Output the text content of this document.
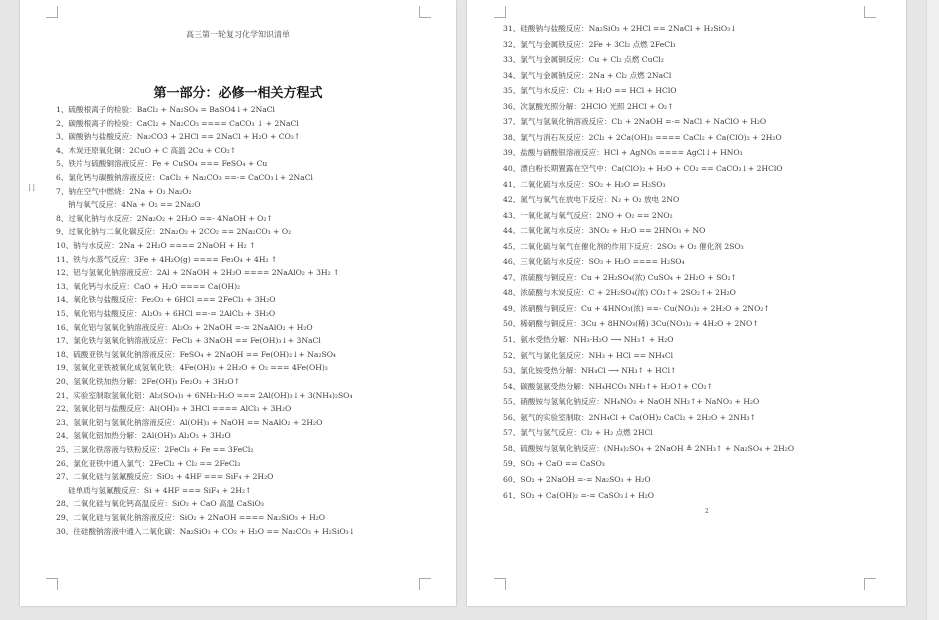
高三第一轮复习化学知识清单
第一部分：必修一相关方程式
1、硫酸根离子的检验：BaCl₂ + Na₂SO₄ = BaSO4↓+ 2NaCl
2、碳酸根离子的检验：CaCl₂ + Na₂CO₃ ==== CaCO₃ ↓ + 2NaCl
3、碳酸钠与盐酸反应：Na₂CO3 + 2HCl == 2NaCl + H₂O + CO₂↑
4、木炭还原氧化铜：2CuO + C 高温 2Cu + CO₂↑
5、铁片与硫酸铜溶液反应：Fe + CuSO₄ === FeSO₄ + Cu
6、氯化钙与碳酸钠溶液反应：CaCl₂ + Na₂CO₃ ==-= CaCO₃↓+ 2NaCl
7、钠在空气中燃烧：2Na + O₂ Na₂O₂
钠与氧气反应：4Na + O₂ == 2Na₂O
8、过氧化钠与水反应：2Na₂O₂ + 2H₂O ==- 4NaOH + O₂↑
9、过氧化钠与二氧化碳反应：2Na₂O₂ + 2CO₂ == 2Na₂CO₃ + O₂
10、钠与水反应：2Na + 2H₂O ==== 2NaOH + H₂ ↑
11、铁与水蒸气反应：3Fe + 4H₂O(g) ==== Fe₃O₄ + 4H₂ ↑
12、铝与氢氧化钠溶液反应：2Al + 2NaOH + 2H₂O ==== 2NaAlO₂ + 3H₂ ↑
13、氧化钙与水反应：CaO + H₂O ==== Ca(OH)₂
14、氧化铁与盐酸反应：Fe₂O₃ + 6HCl === 2FeCl₃ + 3H₂O
15、氧化铝与盐酸反应：Al₂O₃ + 6HCl ==-= 2AlCl₃ + 3H₂O
16、氧化铝与氢氧化钠溶液反应：Al₂O₃ + 2NaOH =-= 2NaAlO₂ + H₂O
17、氯化铁与氢氧化钠溶液反应：FeCl₃ + 3NaOH == Fe(OH)₃↓+ 3NaCl
18、硫酸亚铁与氢氧化钠溶液反应：FeSO₄ + 2NaOH == Fe(OH)₂↓+ Na₂SO₄
19、氢氧化亚铁被氧化成氢氧化铁：4Fe(OH)₂ + 2H₂O + O₂ === 4Fe(OH)₃
20、氢氧化铁加热分解：2Fe(OH)₃ Fe₂O₃ + 3H₂O↑
21、实验室制取氢氧化铝：Al₂(SO₄)₃ + 6NH₃·H₂O === 2Al(OH)₃↓+ 3(NH₄)₂SO₄
22、氢氧化铝与盐酸反应：Al(OH)₃ + 3HCl ==== AlCl₃ + 3H₂O
23、氢氧化铝与氢氧化钠溶液反应：Al(OH)₃ + NaOH == NaAlO₂ + 2H₂O
24、氢氧化铝加热分解：2Al(OH)₃ Al₂O₃ + 3H₂O
25、三氯化铁溶液与铁粉反应：2FeCl₃ + Fe == 3FeCl₂
26、氯化亚铁中通入氯气：2FeCl₂ + Cl₂ == 2FeCl₃
27、二氧化硅与氢氟酸反应：SiO₂ + 4HF === SiF₄ + 2H₂O
硅单质与氢氟酸反应：Si + 4HF === SiF₄ + 2H₂↑
28、二氧化硅与氧化钙高温反应：SiO₂ + CaO 高温 CaSiO₃
29、二氧化硅与氢氧化钠溶液反应：SiO₂ + 2NaOH ==== Na₂SiO₃ + H₂O
30、往硅酸钠溶液中通入二氧化碳：Na₂SiO₃ + CO₂ + H₂O == Na₂CO₃ + H₂SiO₃↓
⁞⁞
31、硅酸钠与盐酸反应：Na₂SiO₃ + 2HCl == 2NaCl + H₂SiO₃↓
32、氯气与金属铁反应：2Fe + 3Cl₂ 点燃 2FeCl₃
33、氯气与金属铜反应：Cu + Cl₂ 点燃 CuCl₂
34、氯气与金属钠反应：2Na + Cl₂ 点燃 2NaCl
35、氯气与水反应：Cl₂ + H₂O == HCl + HClO
36、次氯酸光照分解：2HClO 光照 2HCl + O₂↑
37、氯气与氢氧化钠溶液反应：Cl₂ + 2NaOH =-= NaCl + NaClO + H₂O
38、氯气与消石灰反应：2Cl₂ + 2Ca(OH)₂ ==== CaCl₂ + Ca(ClO)₂ + 2H₂O
39、盐酸与硝酸银溶液反应：HCl + AgNO₃ ==== AgCl↓+ HNO₃
40、漂白粉长期置露在空气中：Ca(ClO)₂ + H₂O + CO₂ == CaCO₃↓+ 2HClO
41、二氧化硫与水反应：SO₂ + H₂O ⇌ H₂SO₃
42、氮气与氧气在放电下反应：N₂ + O₂ 放电 2NO
43、一氧化氮与氧气反应：2NO + O₂ == 2NO₂
44、二氧化氮与水反应：3NO₂ + H₂O == 2HNO₃ + NO
45、二氧化硫与氧气在催化剂的作用下反应：2SO₂ + O₂ 催化剂 2SO₃
46、三氧化硫与水反应：SO₃ + H₂O ==== H₂SO₄
47、浓硫酸与铜反应：Cu + 2H₂SO₄(浓) CuSO₄ + 2H₂O + SO₂↑
48、浓硫酸与木炭反应：C + 2H₂SO₄(浓) CO₂↑+ 2SO₂↑+ 2H₂O
49、浓硝酸与铜反应：Cu + 4HNO₃(浓) ==- Cu(NO₃)₂ + 2H₂O + 2NO₂↑
50、稀硝酸与铜反应：3Cu + 8HNO₃(稀) 3Cu(NO₃)₂ + 4H₂O + 2NO↑
51、氨水受热分解：NH₃·H₂O ⟶ NH₃↑ + H₂O
52、氨气与氯化氢反应：NH₃ + HCl == NH₄Cl
53、氯化铵受热分解：NH₄Cl ⟶ NH₃↑ + HCl↑
54、碳酸氢氨受热分解：NH₄HCO₃ NH₃↑+ H₂O↑+ CO₂↑
55、硝酸铵与氢氧化钠反应：NH₄NO₃ + NaOH NH₃↑+ NaNO₃ + H₂O
56、氨气的实验室制取：2NH₄Cl + Ca(OH)₂ CaCl₂ + 2H₂O + 2NH₃↑
57、氯气与氢气反应：Cl₂ + H₂ 点燃 2HCl
58、硫酸铵与氢氧化钠反应：(NH₄)₂SO₄ + 2NaOH ≜ 2NH₃↑ + Na₂SO₄ + 2H₂O
59、SO₂ + CaO == CaSO₃
60、SO₂ + 2NaOH =-= Na₂SO₃ + H₂O
61、SO₂ + Ca(OH)₂ =-= CaSO₃↓+ H₂O
2
